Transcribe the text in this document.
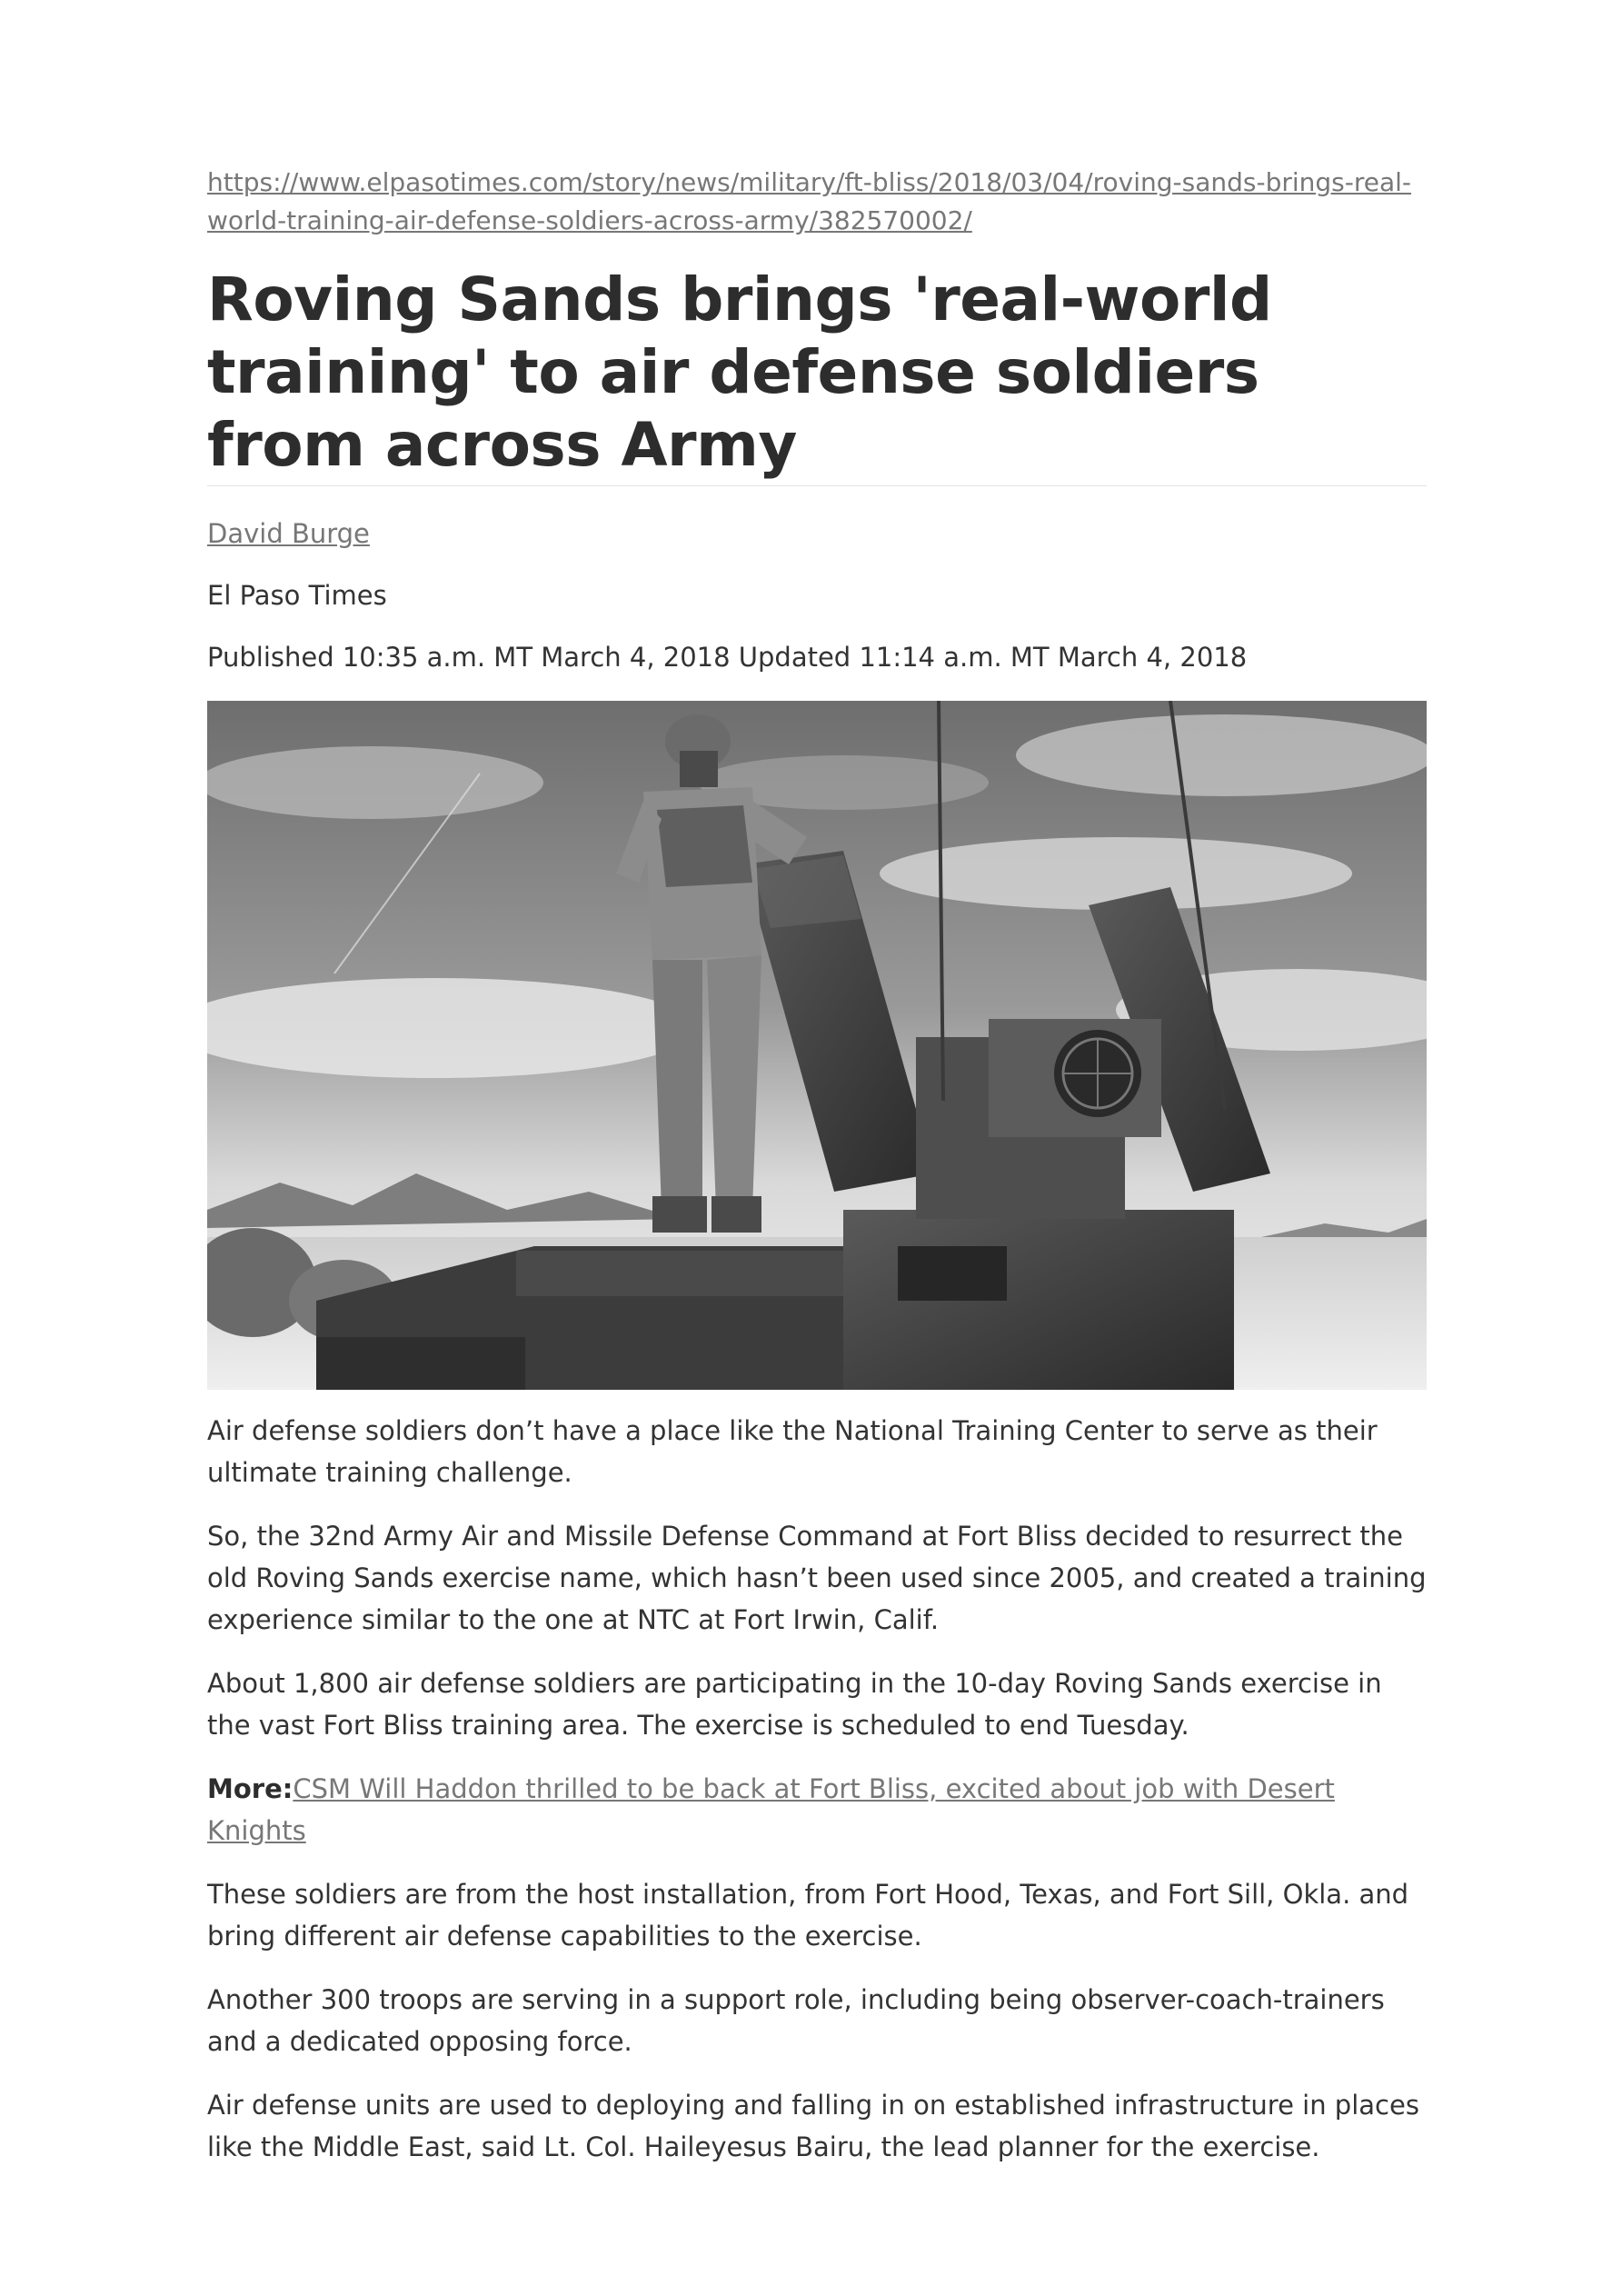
https://www.elpasotimes.com/story/news/military/ft-bliss/2018/03/04/roving-sands-brings-real-world-training-air-defense-soldiers-across-army/382570002/
Roving Sands brings 'real-world training' to air defense soldiers from across Army
David Burge
El Paso Times
Published 10:35 a.m. MT March 4, 2018 Updated 11:14 a.m. MT March 4, 2018

Air defense soldiers don’t have a place like the National Training Center to serve as their ultimate training challenge.

So, the 32nd Army Air and Missile Defense Command at Fort Bliss decided to resurrect the old Roving Sands exercise name, which hasn’t been used since 2005, and created a training experience similar to the one at NTC at Fort Irwin, Calif.

About 1,800 air defense soldiers are participating in the 10-day Roving Sands exercise in the vast Fort Bliss training area. The exercise is scheduled to end Tuesday.

More:CSM Will Haddon thrilled to be back at Fort Bliss, excited about job with Desert Knights

These soldiers are from the host installation, from Fort Hood, Texas, and Fort Sill, Okla. and bring different air defense capabilities to the exercise.

Another 300 troops are serving in a support role, including being observer-coach-trainers and a dedicated opposing force.

Air defense units are used to deploying and falling in on established infrastructure in places like the Middle East, said Lt. Col. Haileyesus Bairu, the lead planner for the exercise.
